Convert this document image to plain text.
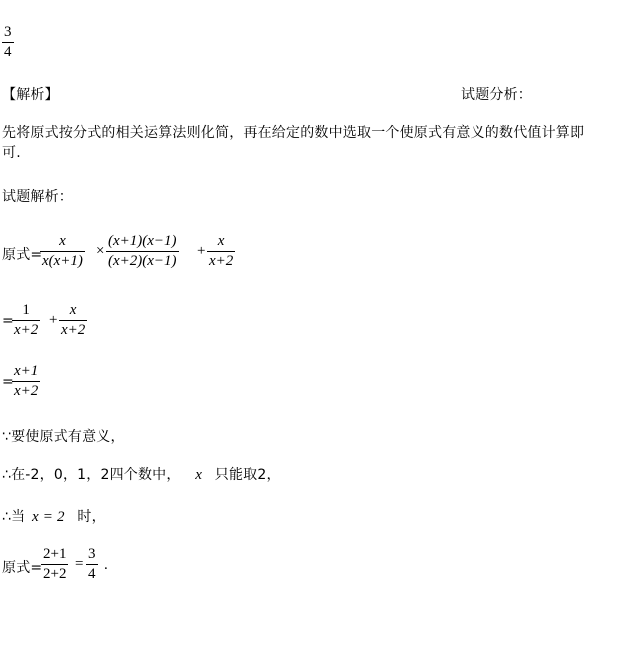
3
4
【解析】	试题分析：
先将原式按分式的相关运算法则化简，再在给定的数中选取一个使原式有意义的数代值计算即
可.
试题解析：
原式=
x
x(x+1)
×
(x+1)(x−1)
(x+2)(x−1)
+
x
x+2
=
1
x+2
+
x
x+2
=
x+1
x+2
∵要使原式有意义，
∴在-2，0，1，2四个数中， x 只能取2，
∴当 x = 2 时，
原式=
2+1
2+2
=
3
4
.
